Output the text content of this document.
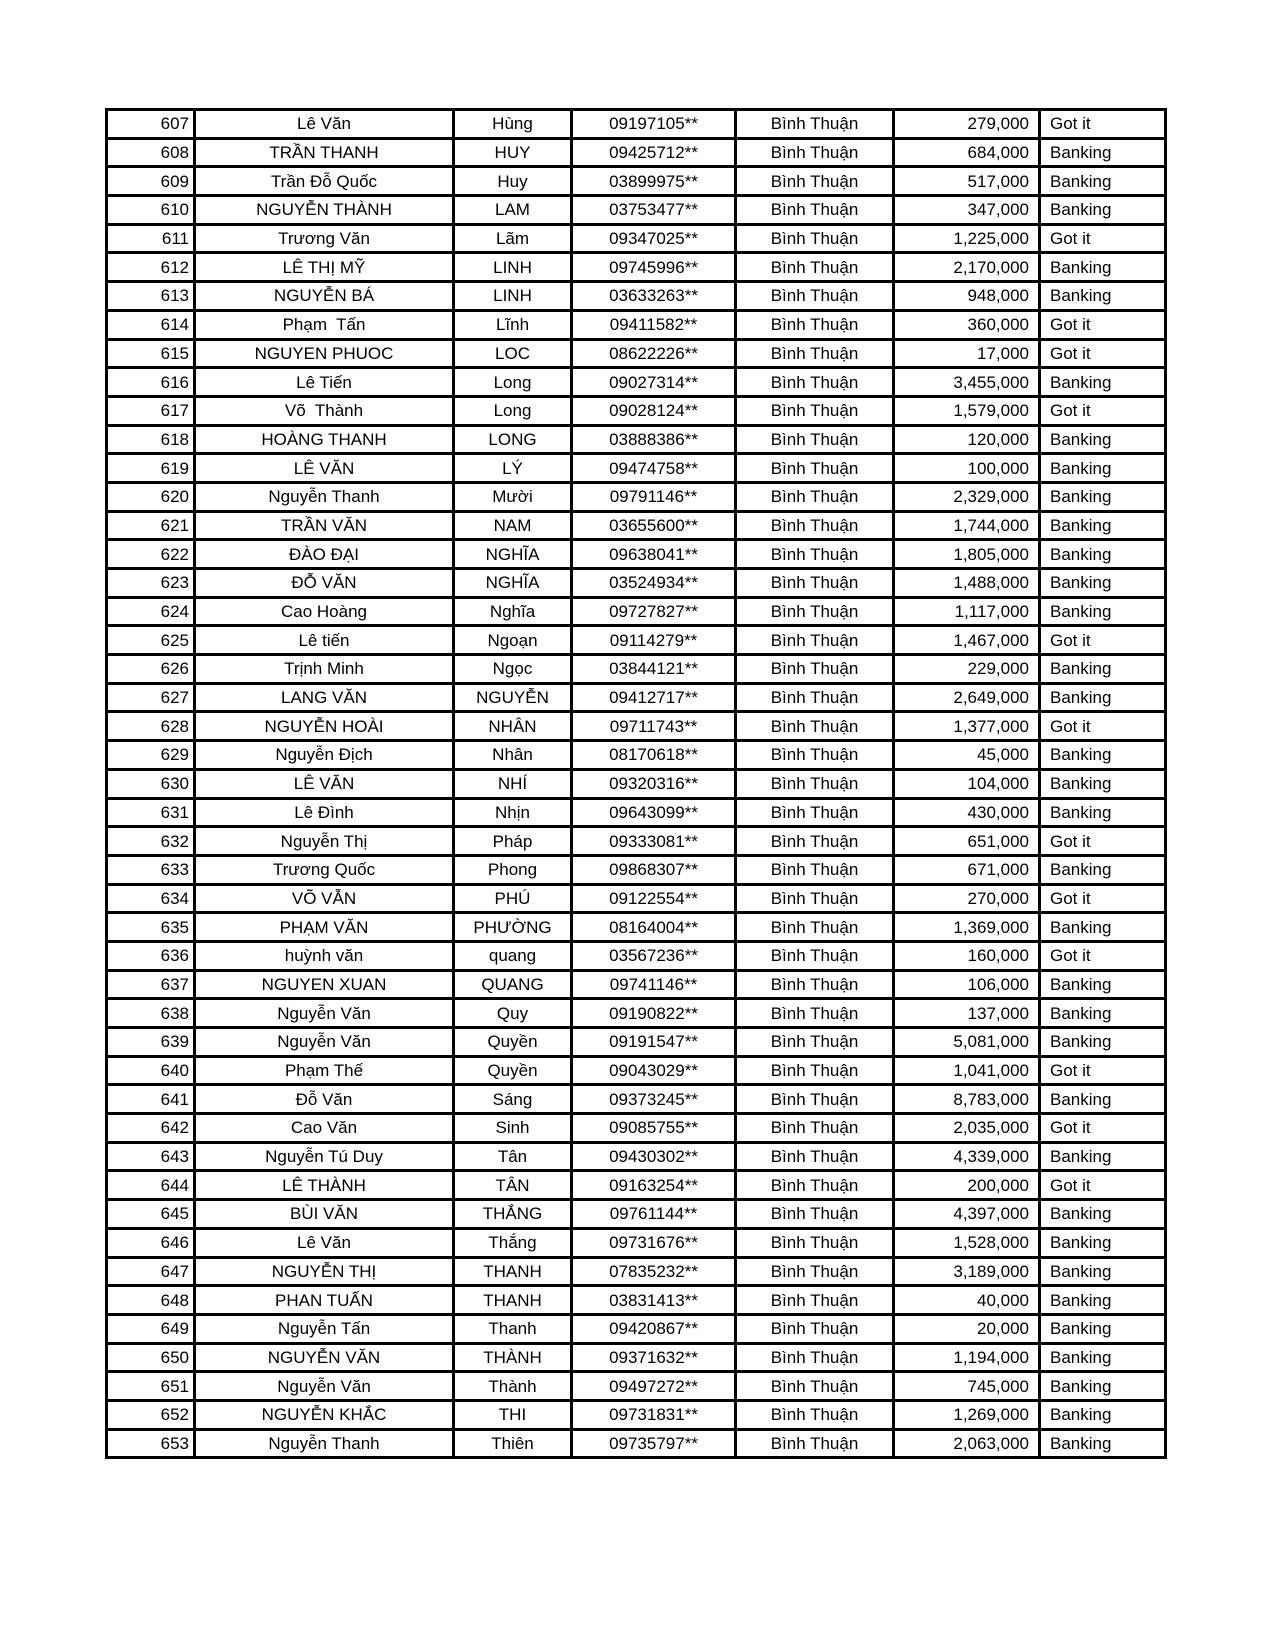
607	Lê Văn	Hùng	09197105**	Bình Thuận	279,000	Got it
608	TRẦN THANH	HUY	09425712**	Bình Thuận	684,000	Banking
609	Trần Đỗ Quốc	Huy	03899975**	Bình Thuận	517,000	Banking
610	NGUYỄN THÀNH	LAM	03753477**	Bình Thuận	347,000	Banking
611	Trương Văn	Lãm	09347025**	Bình Thuận	1,225,000	Got it
612	LÊ THỊ MỸ	LINH	09745996**	Bình Thuận	2,170,000	Banking
613	NGUYỄN BÁ	LINH	03633263**	Bình Thuận	948,000	Banking
614	Phạm  Tấn	Lĩnh	09411582**	Bình Thuận	360,000	Got it
615	NGUYEN PHUOC	LOC	08622226**	Bình Thuận	17,000	Got it
616	Lê Tiến	Long	09027314**	Bình Thuận	3,455,000	Banking
617	Võ  Thành	Long	09028124**	Bình Thuận	1,579,000	Got it
618	HOÀNG THANH	LONG	03888386**	Bình Thuận	120,000	Banking
619	LÊ VĂN	LÝ	09474758**	Bình Thuận	100,000	Banking
620	Nguyễn Thanh	Mười	09791146**	Bình Thuận	2,329,000	Banking
621	TRẦN VĂN	NAM	03655600**	Bình Thuận	1,744,000	Banking
622	ĐÀO ĐẠI	NGHĨA	09638041**	Bình Thuận	1,805,000	Banking
623	ĐỖ VĂN	NGHĨA	03524934**	Bình Thuận	1,488,000	Banking
624	Cao Hoàng	Nghĩa	09727827**	Bình Thuận	1,117,000	Banking
625	Lê tiến	Ngoạn	09114279**	Bình Thuận	1,467,000	Got it
626	Trịnh Minh	Ngọc	03844121**	Bình Thuận	229,000	Banking
627	LANG VĂN	NGUYỄN	09412717**	Bình Thuận	2,649,000	Banking
628	NGUYỄN HOÀI	NHÂN	09711743**	Bình Thuận	1,377,000	Got it
629	Nguyễn Địch	Nhân	08170618**	Bình Thuận	45,000	Banking
630	LÊ VĂN	NHÍ	09320316**	Bình Thuận	104,000	Banking
631	Lê Đình	Nhịn	09643099**	Bình Thuận	430,000	Banking
632	Nguyễn Thị	Pháp	09333081**	Bình Thuận	651,000	Got it
633	Trương Quốc	Phong	09868307**	Bình Thuận	671,000	Banking
634	VÕ VẪN	PHÚ	09122554**	Bình Thuận	270,000	Got it
635	PHẠM VĂN	PHƯỜNG	08164004**	Bình Thuận	1,369,000	Banking
636	huỳnh văn	quang	03567236**	Bình Thuận	160,000	Got it
637	NGUYEN XUAN	QUANG	09741146**	Bình Thuận	106,000	Banking
638	Nguyễn Văn	Quy	09190822**	Bình Thuận	137,000	Banking
639	Nguyễn Văn	Quyền	09191547**	Bình Thuận	5,081,000	Banking
640	Phạm Thế	Quyền	09043029**	Bình Thuận	1,041,000	Got it
641	Đỗ Văn	Sáng	09373245**	Bình Thuận	8,783,000	Banking
642	Cao Văn	Sinh	09085755**	Bình Thuận	2,035,000	Got it
643	Nguyễn Tú Duy	Tân	09430302**	Bình Thuận	4,339,000	Banking
644	LÊ THÀNH	TÂN	09163254**	Bình Thuận	200,000	Got it
645	BÙI VĂN	THẮNG	09761144**	Bình Thuận	4,397,000	Banking
646	Lê Văn	Thắng	09731676**	Bình Thuận	1,528,000	Banking
647	NGUYỄN THỊ	THANH	07835232**	Bình Thuận	3,189,000	Banking
648	PHAN TUẤN	THANH	03831413**	Bình Thuận	40,000	Banking
649	Nguyễn Tấn	Thanh	09420867**	Bình Thuận	20,000	Banking
650	NGUYỄN VĂN	THÀNH	09371632**	Bình Thuận	1,194,000	Banking
651	Nguyễn Văn	Thành	09497272**	Bình Thuận	745,000	Banking
652	NGUYỄN KHẮC	THI	09731831**	Bình Thuận	1,269,000	Banking
653	Nguyễn Thanh	Thiên	09735797**	Bình Thuận	2,063,000	Banking
